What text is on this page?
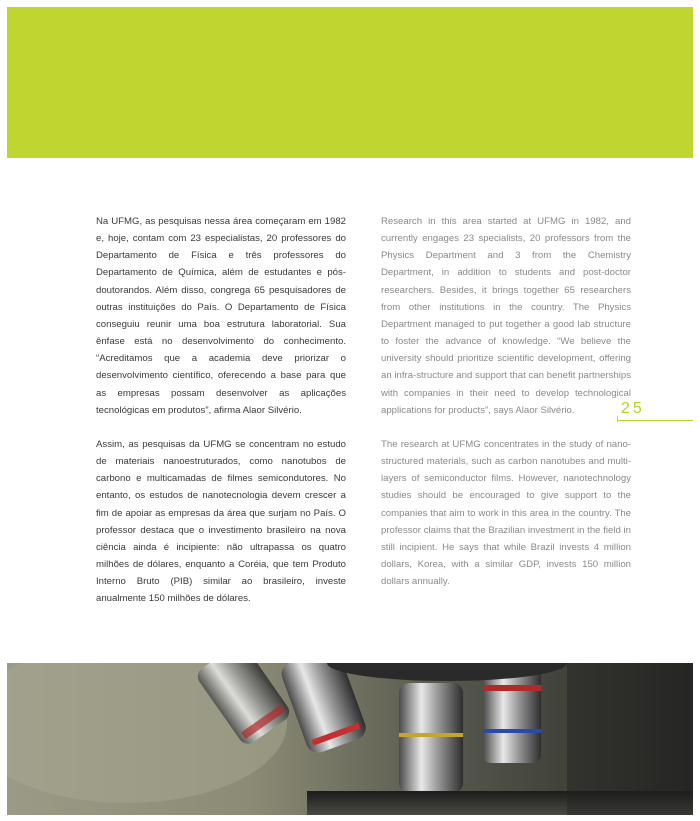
Na UFMG, as pesquisas nessa área começaram em 1982 e, hoje, contam com 23 especialistas, 20 professores do Departamento de Física e três professores do Departamento de Química, além de estudantes e pós-doutorandos. Além disso, congrega 65 pesquisadores de outras instituições do País. O Departamento de Física conseguiu reunir uma boa estrutura laboratorial. Sua ênfase está no desenvolvimento do conhecimento. “Acreditamos que a academia deve priorizar o desenvolvimento científico, oferecendo a base para que as empresas possam desenvolver as aplicações tecnológicas em produtos”, afirma Alaor Silvério.

Assim, as pesquisas da UFMG se concentram no estudo de materiais nanoestruturados, como nanotubos de carbono e multicamadas de filmes semicondutores. No entanto, os estudos de nanotecnologia devem crescer a fim de apoiar as empresas da área que surjam no País. O professor destaca que o investimento brasileiro na nova ciência ainda é incipiente: não ultrapassa os quatro milhões de dólares, enquanto a Coréia, que tem Produto Interno Bruto (PIB) similar ao brasileiro, investe anualmente 150 milhões de dólares.

Research in this area started at UFMG in 1982, and currently engages 23 specialists, 20 professors from the Physics Department and 3 from the Chemistry Department, in addition to students and post-doctor researchers. Besides, it brings together 65 researchers from other institutions in the country. The Physics Department managed to put together a good lab structure to foster the advance of knowledge. “We believe the university should prioritize scientific development, offering an infra-structure and support that can benefit partnerships with companies in their need to develop technological applications for products”, says Alaor Silvério.

The research at UFMG concentrates in the study of nano-structured materials, such as carbon nanotubes and multi-layers of semiconductor films. However, nanotechnology studies should be encouraged to give support to the companies that aim to work in this area in the country. The professor claims that the Brazilian investment in the field in still incipient. He says that while Brazil invests 4 million dollars, Korea, with a similar GDP, invests 150 million dollars annually.

25
